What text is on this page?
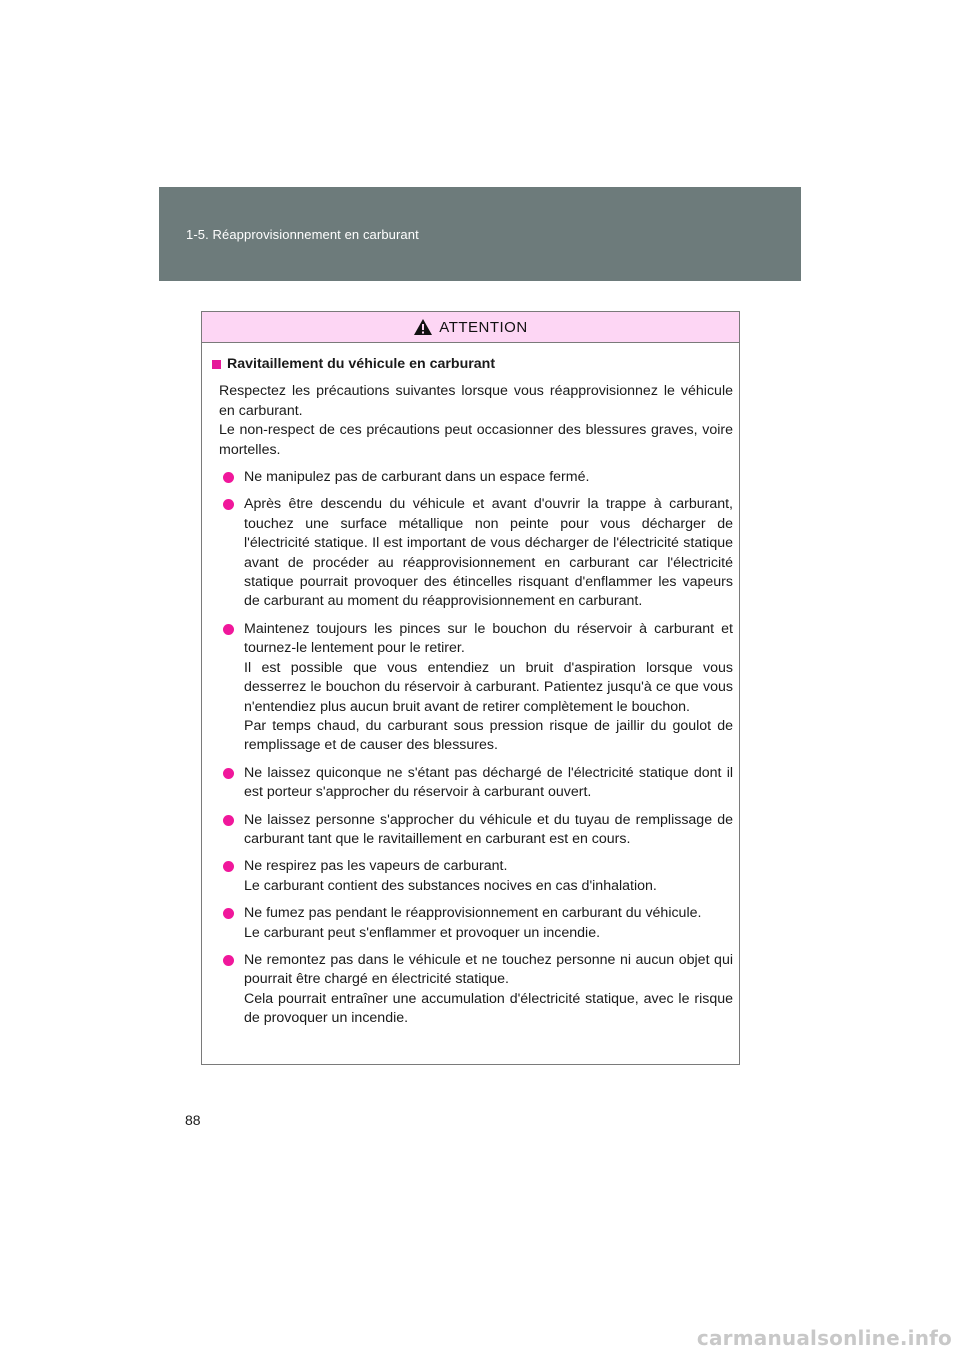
1-5. Réapprovisionnement en carburant
ATTENTION
Ravitaillement du véhicule en carburant
Respectez les précautions suivantes lorsque vous réapprovisionnez le véhicule en carburant.
Le non-respect de ces précautions peut occasionner des blessures graves, voire mortelles.
Ne manipulez pas de carburant dans un espace fermé.
Après être descendu du véhicule et avant d'ouvrir la trappe à carburant, touchez une surface métallique non peinte pour vous décharger de l'électricité statique. Il est important de vous décharger de l'électricité statique avant de procéder au réapprovisionnement en carburant car l'électricité statique pourrait provoquer des étincelles risquant d'enflammer les vapeurs de carburant au moment du réapprovisionnement en carburant.
Maintenez toujours les pinces sur le bouchon du réservoir à carburant et tournez-le lentement pour le retirer.
Il est possible que vous entendiez un bruit d'aspiration lorsque vous desserrez le bouchon du réservoir à carburant. Patientez jusqu'à ce que vous n'entendiez plus aucun bruit avant de retirer complètement le bouchon.
Par temps chaud, du carburant sous pression risque de jaillir du goulot de remplissage et de causer des blessures.
Ne laissez quiconque ne s'étant pas déchargé de l'électricité statique dont il est porteur s'approcher du réservoir à carburant ouvert.
Ne laissez personne s'approcher du véhicule et du tuyau de remplissage de carburant tant que le ravitaillement en carburant est en cours.
Ne respirez pas les vapeurs de carburant.
Le carburant contient des substances nocives en cas d'inhalation.
Ne fumez pas pendant le réapprovisionnement en carburant du véhicule.
Le carburant peut s'enflammer et provoquer un incendie.
Ne remontez pas dans le véhicule et ne touchez personne ni aucun objet qui pourrait être chargé en électricité statique.
Cela pourrait entraîner une accumulation d'électricité statique, avec le risque de provoquer un incendie.
88
carmanualsonline.info
